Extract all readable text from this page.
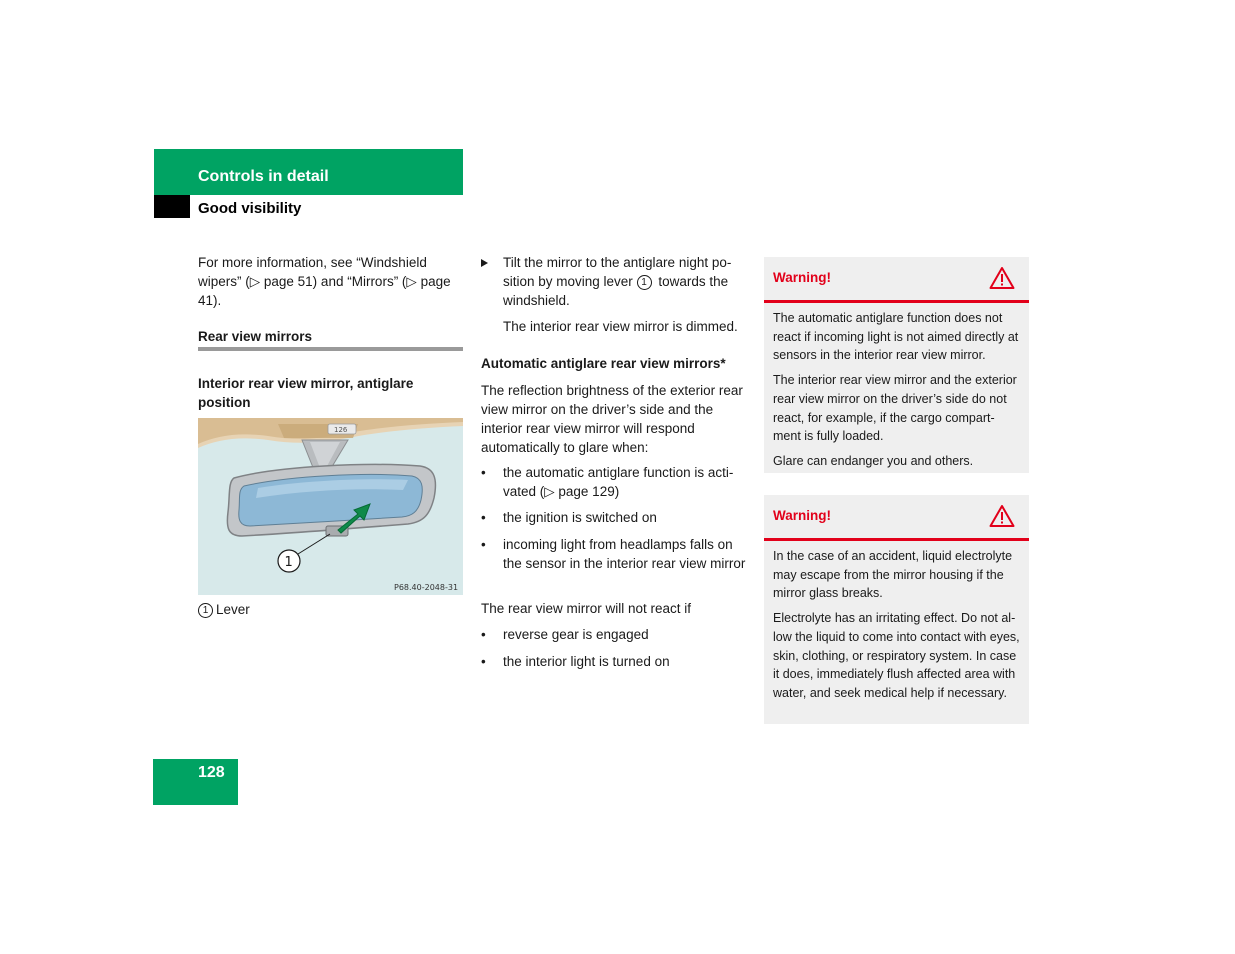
Controls in detail
Good visibility
For more information, see “Windshield wipers” (▷ page 51) and “Mirrors” (▷ page 41).
Rear view mirrors
Interior rear view mirror, antiglare position
126
1
P68.40-2048-31
1 Lever
Tilt the mirror to the antiglare night po-sition by moving lever 1 towards the windshield.
The interior rear view mirror is dimmed.
Automatic antiglare rear view mirrors*
The reflection brightness of the exterior rear view mirror on the driver’s side and the interior rear view mirror will respond automatically to glare when:
•	the automatic antiglare function is acti-vated (▷ page 129)
•	the ignition is switched on
•	incoming light from headlamps falls on the sensor in the interior rear view mirror
The rear view mirror will not react if
•	reverse gear is engaged
•	the interior light is turned on
Warning!

The automatic antiglare function does not react if incoming light is not aimed directly at sensors in the interior rear view mirror.

The interior rear view mirror and the exterior rear view mirror on the driver’s side do not react, for example, if the cargo compart-ment is fully loaded.

Glare can endanger you and others.

Warning!

In the case of an accident, liquid electrolyte may escape from the mirror housing if the mirror glass breaks.

Electrolyte has an irritating effect. Do not al-low the liquid to come into contact with eyes, skin, clothing, or respiratory system. In case it does, immediately flush affected area with water, and seek medical help if necessary.

128
